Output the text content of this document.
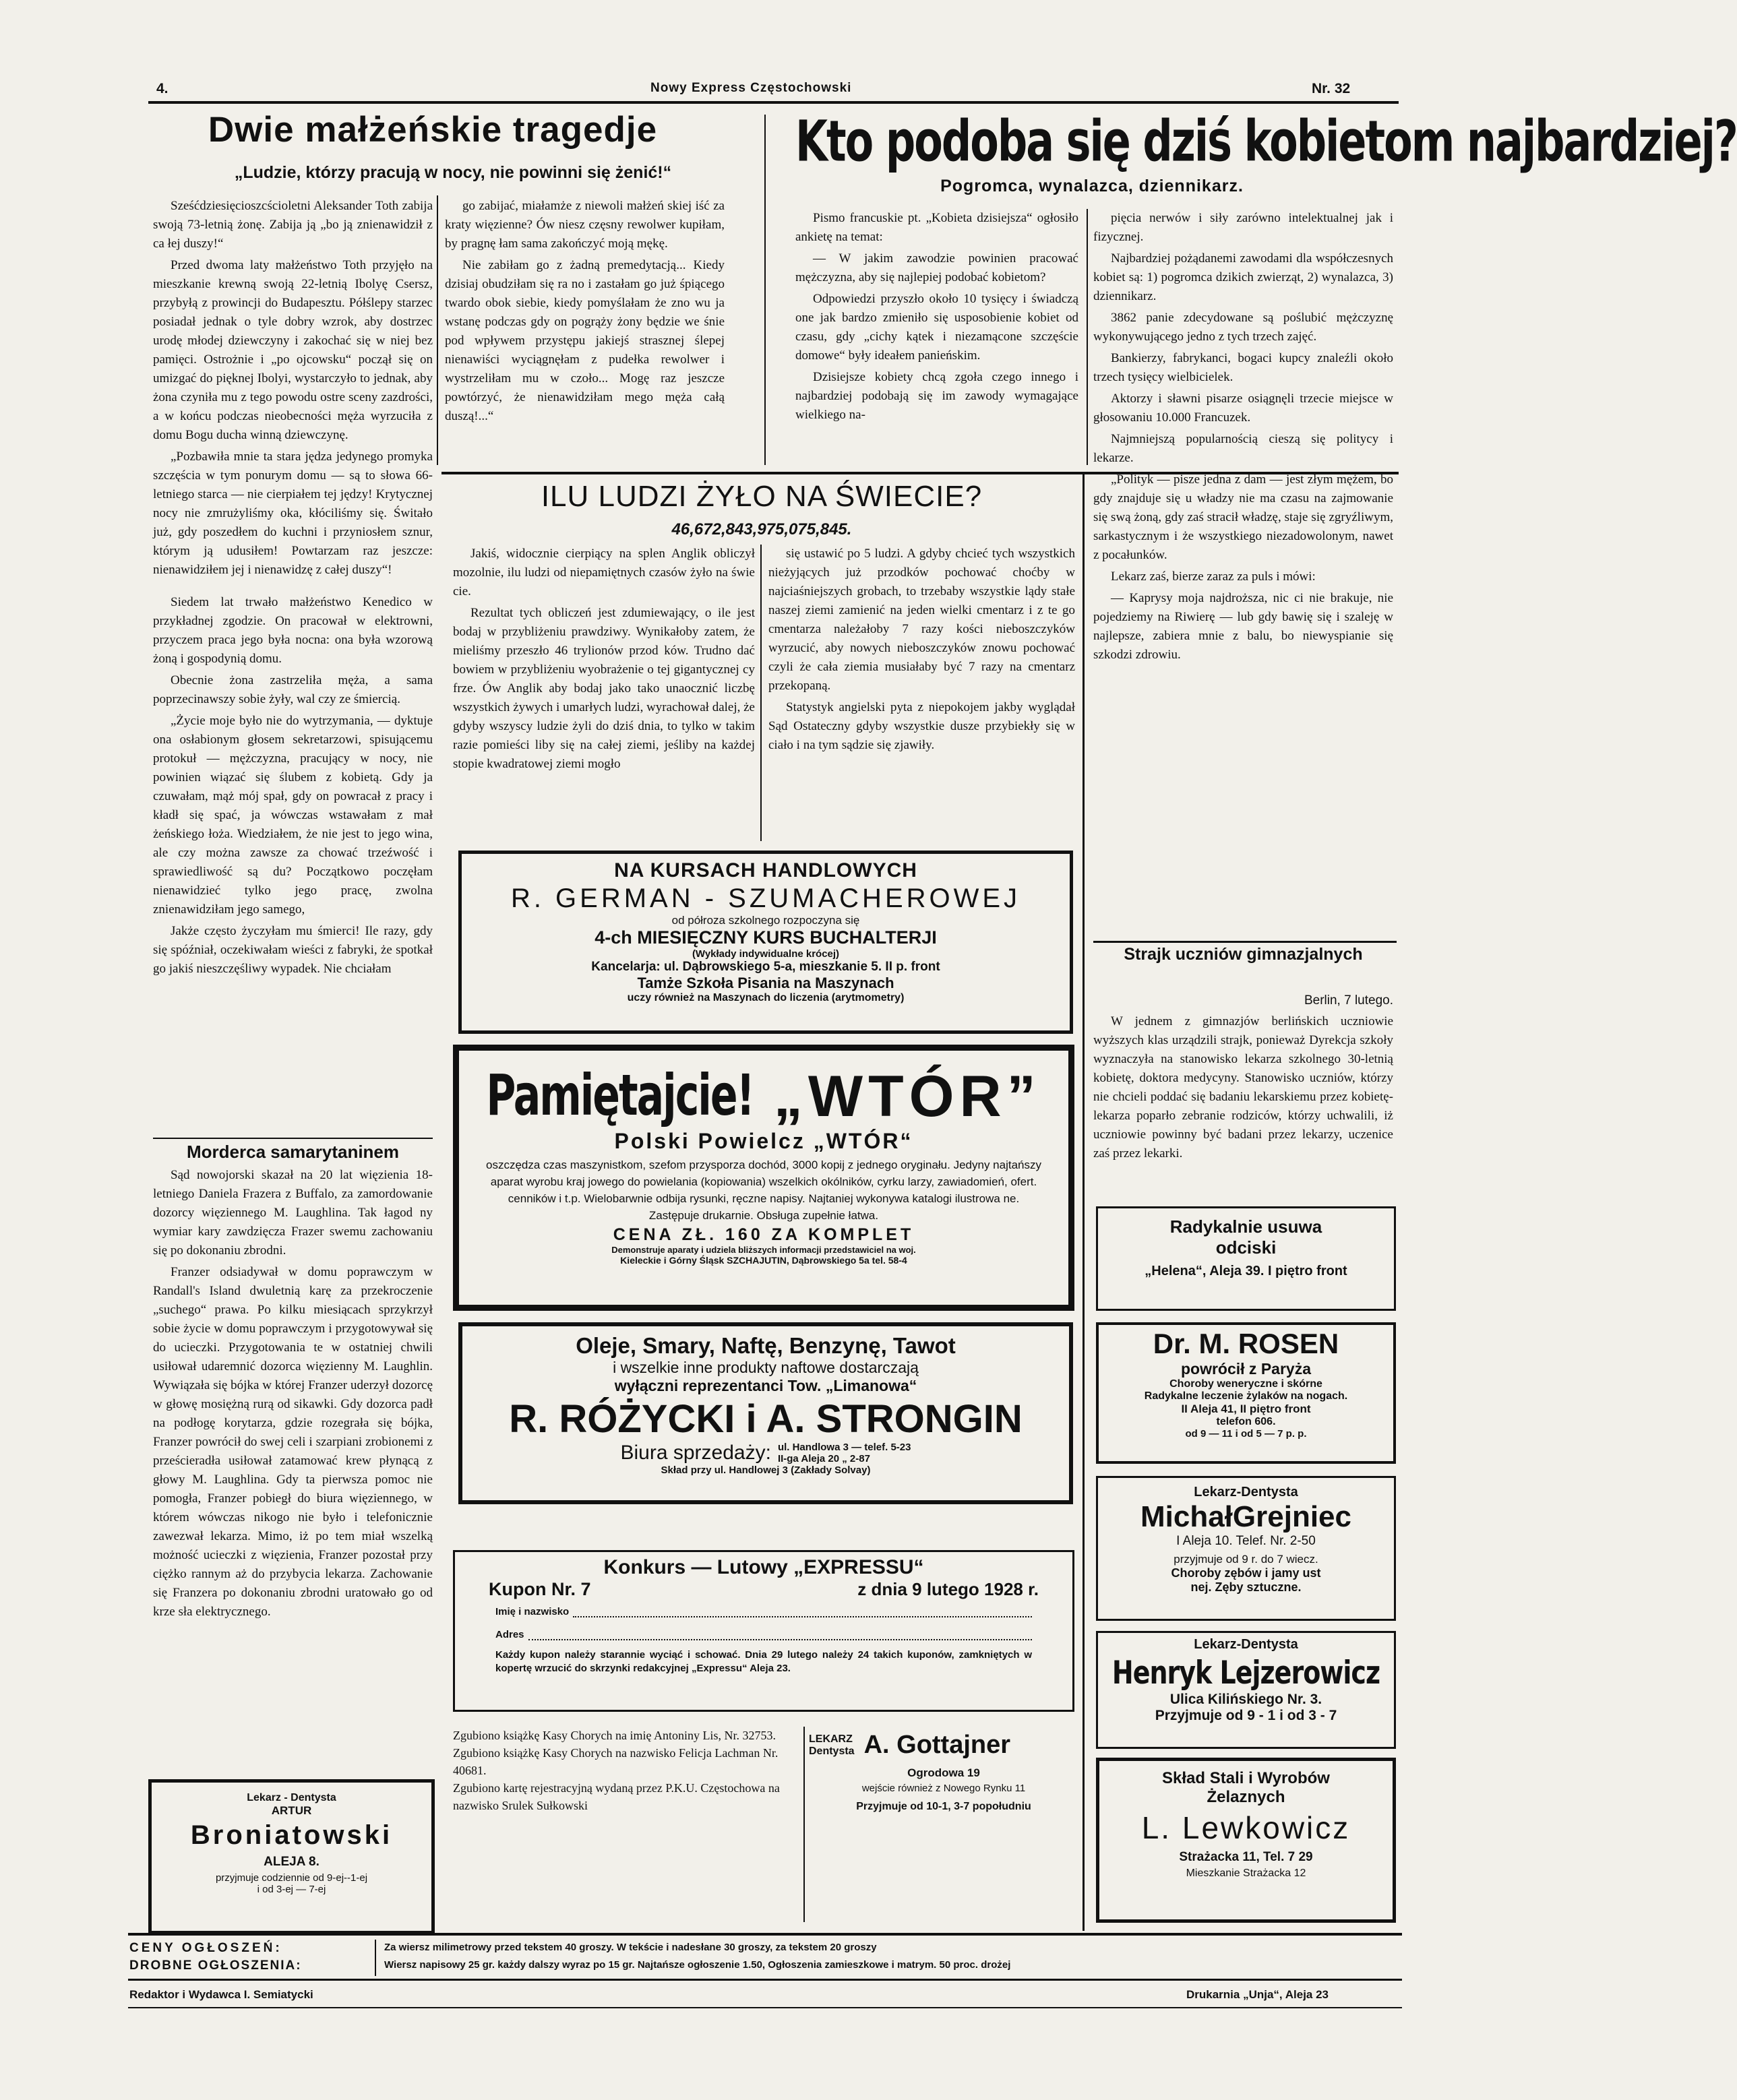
4.	Nowy Express Częstochowski	Nr. 32
Dwie małżeńskie tragedje
„Ludzie, którzy pracują w nocy, nie powinni się żenić!“

Sześćdziesięcioszcścioletni Aleksander Toth zabija swoją 73-letnią żonę. Zabija ją „bo ją znienawidził z ca łej duszy!“

Przed dwoma laty małżeństwo Toth przyjęło na mieszkanie krewną swoją 22-letnią Ibolyę Csersz, przybyłą z prowincji do Budapesztu. Półślepy starzec posiadał jednak o tyle dobry wzrok, aby dostrzec urodę młodej dziewczyny i zakochać się w niej bez pamięci. Ostrożnie i „po ojcowsku“ począł się on umizgać do pięknej Ibolyi, wystarczyło to jednak, aby żona czyniła mu z tego powodu ostre sceny zazdrości, a w końcu podczas nieobecności męża wyrzuciła z domu Bogu ducha winną dziewczynę.

„Pozbawiła mnie ta stara jędza jedynego promyka szczęścia w tym ponurym domu — są to słowa 66-letniego starca — nie cierpiałem tej jędzy! Krytycznej nocy nie zmrużyliśmy oka, kłóciliśmy się. Świtało już, gdy poszedłem do kuchni i przyniosłem sznur, którym ją udusiłem! Powtarzam raz jeszcze: nienawidziłem jej i nienawidzę z całej duszy“!

Siedem lat trwało małżeństwo Kenedico w przykładnej zgodzie. On pracował w elektrowni, przyczem praca jego była nocna: ona była wzorową żoną i gospodynią domu.

Obecnie żona zastrzeliła męża, a sama poprzecinawszy sobie żyły, wal czy ze śmiercią.

„Życie moje było nie do wytrzymania, — dyktuje ona osłabionym głosem sekretarzowi, spisującemu protokuł — mężczyzna, pracujący w nocy, nie powinien wiązać się ślubem z kobietą. Gdy ja czuwałam, mąż mój spał, gdy on powracał z pracy i kładł się spać, ja wówczas wstawałam z mał żeńskiego łoża. Wiedziałem, że nie jest to jego wina, ale czy można zawsze za chować trzeźwość i sprawiedliwość są du? Początkowo poczęłam nienawidzieć tylko jego pracę, zwolna znienawidziłam jego samego,

Jakże często życzyłam mu śmierci! Ile razy, gdy się spóźniał, oczekiwałam wieści z fabryki, że spotkał go jakiś nieszczęśliwy wypadek. Nie chciałam

go zabijać, miałamże z niewoli małżeń skiej iść za kraty więzienne? Ów niesz częsny rewolwer kupiłam, by pragnę łam sama zakończyć moją mękę.

Nie zabiłam go z żadną premedytacją... Kiedy dzisiaj obudziłam się ra no i zastałam go już śpiącego twardo obok siebie, kiedy pomyślałam że zno wu ja wstanę podczas gdy on pogrąży żony będzie we śnie pod wpływem przystępu jakiejś strasznej ślepej nienawiści wyciągnęłam z pudełka rewolwer i wystrzeliłam mu w czoło... Mogę raz jeszcze powtórzyć, że nienawidziłam mego męża całą duszą!...“

Morderca samarytaninem

Sąd nowojorski skazał na 20 lat więzienia 18-letniego Daniela Frazera z Buffalo, za zamordowanie dozorcy więziennego M. Laughlina. Tak łagod ny wymiar kary zawdzięcza Frazer swemu zachowaniu się po dokonaniu zbrodni.

Franzer odsiadywał w domu poprawczym w Randall's Island dwuletnią karę za przekroczenie „suchego“ prawa. Po kilku miesiącach sprzykrzył sobie życie w domu poprawczym i przygotowywał się do ucieczki. Przygotowania te w ostatniej chwili usiłował udaremnić dozorca więzienny M. Laughlin. Wywiązała się bójka w której Franzer uderzył dozorcę w głowę mosiężną rurą od sikawki. Gdy dozorca padł na podłogę korytarza, gdzie rozegrała się bójka, Franzer powrócił do swej celi i szarpiani zrobionemi z prześcieradła usiłował zatamować krew płynącą z głowy M. Laughlina. Gdy ta pierwsza pomoc nie pomogła, Franzer pobiegł do biura więziennego, w którem wówczas nikogo nie było i telefonicznie zawezwał lekarza. Mimo, iż po tem miał wszelką możność ucieczki z więzienia, Franzer pozostał przy ciężko rannym aż do przybycia lekarza. Zachowanie się Franzera po dokonaniu zbrodni uratowało go od krze sła elektrycznego.

Lekarz - Dentysta
ARTUR
Broniatowski
ALEJA 8.
przyjmuje codziennie od 9-ej--1-ej
i od 3-ej — 7-ej
Kto podoba się dziś kobietom najbardziej?
Pogromca, wynalazca, dziennikarz.

Pismo francuskie pt. „Kobieta dzisiejsza“ ogłosiło ankietę na temat:

— W jakim zawodzie powinien pracować mężczyzna, aby się najlepiej podobać kobietom?

Odpowiedzi przyszło około 10 tysięcy i świadczą one jak bardzo zmieniło się usposobienie kobiet od czasu, gdy „cichy kątek i niezamącone szczęście domowe“ były ideałem panieńskim.

Dzisiejsze kobiety chcą zgoła czego innego i najbardziej podobają się im zawody wymagające wielkiego na-

pięcia nerwów i siły zarówno intelektualnej jak i fizycznej.

Najbardziej pożądanemi zawodami dla współczesnych kobiet są: 1) pogromca dzikich zwierząt, 2) wynalazca, 3) dziennikarz.

3862 panie zdecydowane są poślubić mężczyznę wykonywującego jedno z tych trzech zajęć.

Bankierzy, fabrykanci, bogaci kupcy znaleźli około trzech tysięcy wielbicielek.

Aktorzy i sławni pisarze osiągnęli trzecie miejsce w głosowaniu 10.000 Francuzek.

Najmniejszą popularnością cieszą się politycy i lekarze.

„Polityk — pisze jedna z dam — jest złym mężem, bo gdy znajduje się u władzy nie ma czasu na zajmowanie się swą żoną, gdy zaś stracił władzę, staje się zgryźliwym, sarkastycznym i że wszystkiego niezadowolonym, nawet z pocałunków.

Lekarz zaś, bierze zaraz za puls i mówi:

— Kaprysy moja najdroższa, nic ci nie brakuje, nie pojedziemy na Riwierę — lub gdy bawię się i szaleję w najlepsze, zabiera mnie z balu, bo niewyspianie się szkodzi zdrowiu.

ILU LUDZI ŻYŁO NA ŚWIECIE?
46,672,843,975,075,845.

Jakiś, widocznie cierpiący na splen Anglik obliczył mozolnie, ilu ludzi od niepamiętnych czasów żyło na świe cie.

Rezultat tych obliczeń jest zdumiewający, o ile jest bodaj w przybliżeniu prawdziwy. Wynikałoby zatem, że mieliśmy przeszło 46 trylionów przod ków. Trudno dać bowiem w przybliżeniu wyobrażenie o tej gigantycznej cy frze. Ów Anglik aby bodaj jako tako unaocznić liczbę wszystkich żywych i umarłych ludzi, wyrachował dalej, że gdyby wszyscy ludzie żyli do dziś dnia, to tylko w takim razie pomieści liby się na całej ziemi, jeśliby na każdej stopie kwadratowej ziemi mogło

się ustawić po 5 ludzi. A gdyby chcieć tych wszystkich nieżyjących już przodków pochować choćby w najciaśniejszych grobach, to trzebaby wszystkie lądy stałe naszej ziemi zamienić na jeden wielki cmentarz i z te go cmentarza należałoby 7 razy kości nieboszczyków wyrzucić, aby nowych nieboszczyków znowu pochować czyli że cała ziemia musiałaby być 7 razy na cmentarz przekopaną.

Statystyk angielski pyta z niepokojem jakby wyglądał Sąd Ostateczny gdyby wszystkie dusze przybiekły się w ciało i na tym sądzie się zjawiły.

Strajk uczniów gimnazjalnych
Berlin, 7 lutego.

W jednem z gimnazjów berlińskich uczniowie wyższych klas urządzili strajk, ponieważ Dyrekcja szkoły wyznaczyła na stanowisko lekarza szkolnego 30-letnią kobietę, doktora medycyny. Stanowisko uczniów, którzy nie chcieli poddać się badaniu lekarskiemu przez kobietę-lekarza poparło zebranie rodziców, którzy uchwalili, iż uczniowie powinny być badani przez lekarzy, uczenice zaś przez lekarki.

NA KURSACH HANDLOWYCH
R. GERMAN - SZUMACHEROWEJ
od półroza szkolnego rozpoczyna się
4-ch MIESIĘCZNY KURS BUCHALTERJI
(Wykłady indywidualne krócej)
Kancelarja: ul. Dąbrowskiego 5-a, mieszkanie 5. II p. front
Tamże Szkoła Pisania na Maszynach
uczy również na Maszynach do liczenia (arytmometry)
Pamiętajcie! „WTÓR”
Polski Powielcz „WTÓR“
oszczędza czas maszynistkom, szefom przysporza dochód, 3000 kopij z jednego oryginału. Jedyny najtańszy aparat wyrobu kraj jowego do powielania (kopiowania) wszelkich okólników, cyrku larzy, zawiadomień, ofert. cenników i t.p. Wielobarwnie odbija rysunki, ręczne napisy. Najtaniej wykonywa katalogi ilustrowa ne. Zastępuje drukarnie. Obsługa zupełnie łatwa.
CENA ZŁ. 160 ZA KOMPLET
Demonstruje aparaty i udziela bliższych informacji przedstawiciel na woj.
Kieleckie i Górny Śląsk SZCHAJUTIN, Dąbrowskiego 5a tel. 58-4
Oleje, Smary, Naftę, Benzynę, Tawot
i wszelkie inne produkty naftowe dostarczają
wyłączni reprezentanci Tow. „Limanowa“
R. RÓŻYCKI i A. STRONGIN
Biura sprzedaży: ul. Handlowa 3 — telef. 5-23
II-ga Aleja 20 „ 2-87
Skład przy ul. Handlowej 3 (Zakłady Solvay)
Konkurs — Lutowy „EXPRESSU“
Kupon Nr. 7	z dnia 9 lutego 1928 r.
Imię i nazwisko
Adres
Każdy kupon należy starannie wyciąć i schować. Dnia 29 lutego należy 24 takich kuponów, zamkniętych w kopertę wrzucić do skrzynki redakcyjnej „Expressu“ Aleja 23.
Zgubiono książkę Kasy Chorych na imię Antoniny Lis, Nr. 32753.
Zgubiono książkę Kasy Chorych na nazwisko Felicja Lachman Nr. 40681.
Zgubiono kartę rejestracyjną wydaną przez P.K.U. Częstochowa na nazwisko Srulek Sułkowski
LEKARZ
Dentysta A. Gottajner
Ogrodowa 19
wejście również z Nowego Rynku 11
Przyjmuje od 10-1, 3-7 popołudniu
Radykalnie usuwa
odciski
„Helena“, Aleja 39. I piętro front
Dr. M. ROSEN
powrócił z Paryża
Choroby weneryczne i skórne
Radykalne leczenie żylaków na nogach.
II Aleja 41, II piętro front
telefon 606.
od 9 — 11 i od 5 — 7 p. p.
Lekarz-Dentysta
MichałGrejniec
I Aleja 10. Telef. Nr. 2-50
przyjmuje od 9 r. do 7 wiecz.
Choroby zębów i jamy ust
nej. Zęby sztuczne.
Lekarz-Dentysta
Henryk Lejzerowicz
Ulica Kilińskiego Nr. 3.
Przyjmuje od 9 - 1 i od 3 - 7
Skład Stali i Wyrobów
Żelaznych
L. Lewkowicz
Strażacka 11, Tel. 7 29
Mieszkanie Strażacka 12
CENY OGŁOSZEŃ:
DROBNE OGŁOSZENIA:
Za wiersz milimetrowy przed tekstem 40 groszy. W tekście i nadesłane 30 groszy, za tekstem 20 groszy
Wiersz napisowy 25 gr. każdy dalszy wyraz po 15 gr. Najtańsze ogłoszenie 1.50, Ogłoszenia zamieszkowe i matrym. 50 proc. drożej
Redaktor i Wydawca I. Semiatycki	Drukarnia „Unja“, Aleja 23
